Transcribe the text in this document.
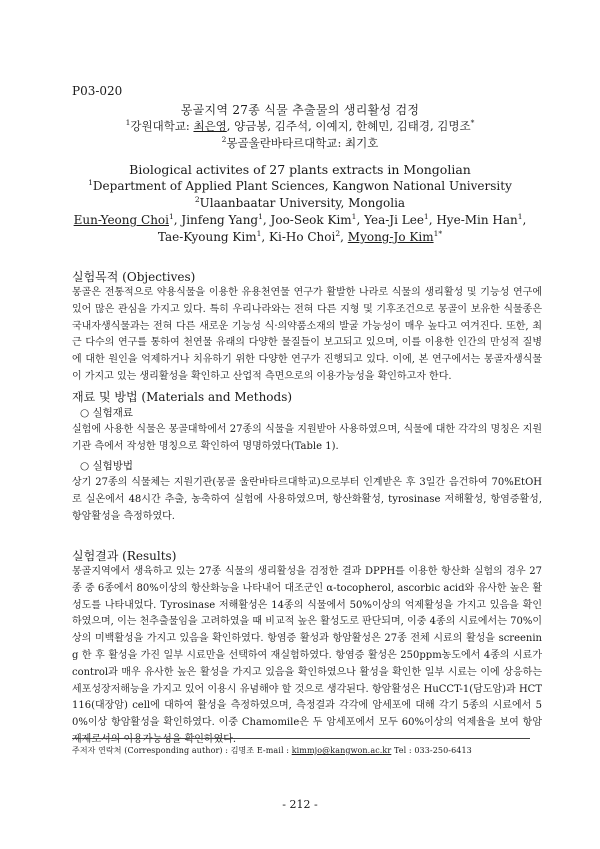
P03-020
몽골지역 27종 식물 추출물의 생리활성 검정
$^1$강원대학교: 최은영, 양금봉, 김주석, 이예지, 한혜민, 김태경, 김명조*
$^2$몽골울란바타르대학교: 최기호
Biological activites of 27 plants extracts in Mongolian
$^1$Department of Applied Plant Sciences, Kangwon National University
$^2$Ulaanbaatar University, Mongolia
Eun-Yeong Choi$^1$, Jinfeng Yang$^1$, Joo-Seok Kim$^1$, Yea-Ji Lee$^1$, Hye-Min Han$^1$,
Tae-Kyoung Kim$^1$, Ki-Ho Choi$^2$, Myong-Jo Kim$^{1*}$
실험목적 (Objectives)

몽골은 전통적으로 약용식물을 이용한 유용천연물 연구가 활발한 나라로 식물의 생리활성 및 기능성 연구에 있어 많은 관심을 가지고 있다. 특히 우리나라와는 전혀 다른 지형 및 기후조건으로 몽골이 보유한 식물종은 국내자생식물과는 전혀 다른 새로운 기능성 식·의약품소재의 발굴 가능성이 매우 높다고 여겨진다. 또한, 최근 다수의 연구를 통하여 천연물 유래의 다양한 물질들이 보고되고 있으며, 이를 이용한 인간의 만성적 질병에 대한 원인을 억제하거나 치유하기 위한 다양한 연구가 진행되고 있다. 이에, 본 연구에서는 몽골자생식물이 가지고 있는 생리활성을 확인하고 산업적 측면으로의 이용가능성을 확인하고자 한다.

재료 및 방법 (Materials and Methods)
○ 실험재료

실험에 사용한 식물은 몽골대학에서 27종의 식물을 지원받아 사용하였으며, 식물에 대한 각각의 명칭은 지원기관 측에서 작성한 명칭으로 확인하여 명명하였다(Table 1).

○ 실험방법

상기 27종의 식물체는 지원기관(몽골 울란바타르대학교)으로부터 인계받은 후 3일간 음건하여 70%EtOH로 실온에서 48시간 추출, 농축하여 실험에 사용하였으며, 항산화활성, tyrosinase 저해활성, 항염증활성, 항암활성을 측정하였다.

실험결과 (Results)

몽골지역에서 생육하고 있는 27종 식물의 생리활성을 검정한 결과 DPPH를 이용한 항산화 실험의 경우 27종 중 6종에서 80%이상의 항산화능을 나타내어 대조군인 α-tocopherol, ascorbic acid와 유사한 높은 활성도를 나타내었다. Tyrosinase 저해활성은 14종의 식물에서 50%이상의 억제활성을 가지고 있음을 확인하였으며, 이는 천추출물임을 고려하였을 때 비교적 높은 활성도로 판단되며, 이중 4종의 시료에서는 70%이상의 미백활성을 가지고 있음을 확인하였다. 항염증 활성과 항암활성은 27종 전체 시료의 활성을 screening 한 후 활성을 가진 일부 시료만을 선택하여 재실험하였다. 항염증 활성은 250ppm농도에서 4종의 시료가 control과 매우 유사한 높은 활성을 가지고 있음을 확인하였으나 활성을 확인한 일부 시료는 이에 상응하는 세포성장저해능을 가지고 있어 이용시 유념해야 할 것으로 생각된다. 항암활성은 HuCCT-1(담도암)과 HCT116(대장암) cell에 대하여 활성을 측정하였으며, 측정결과 각각에 암세포에 대해 각기 5종의 시료에서 50%이상 항암활성을 확인하였다. 이중 Chamomile은 두 암세포에서 모두 60%이상의 억제율을 보여 항암제제로서의 이용가능성을 확인하였다.

주저자 연락처 (Corresponding author) : 김명조 E-mail : kimmjo@kangwon.ac.kr Tel : 033-250-6413
- 212 -
